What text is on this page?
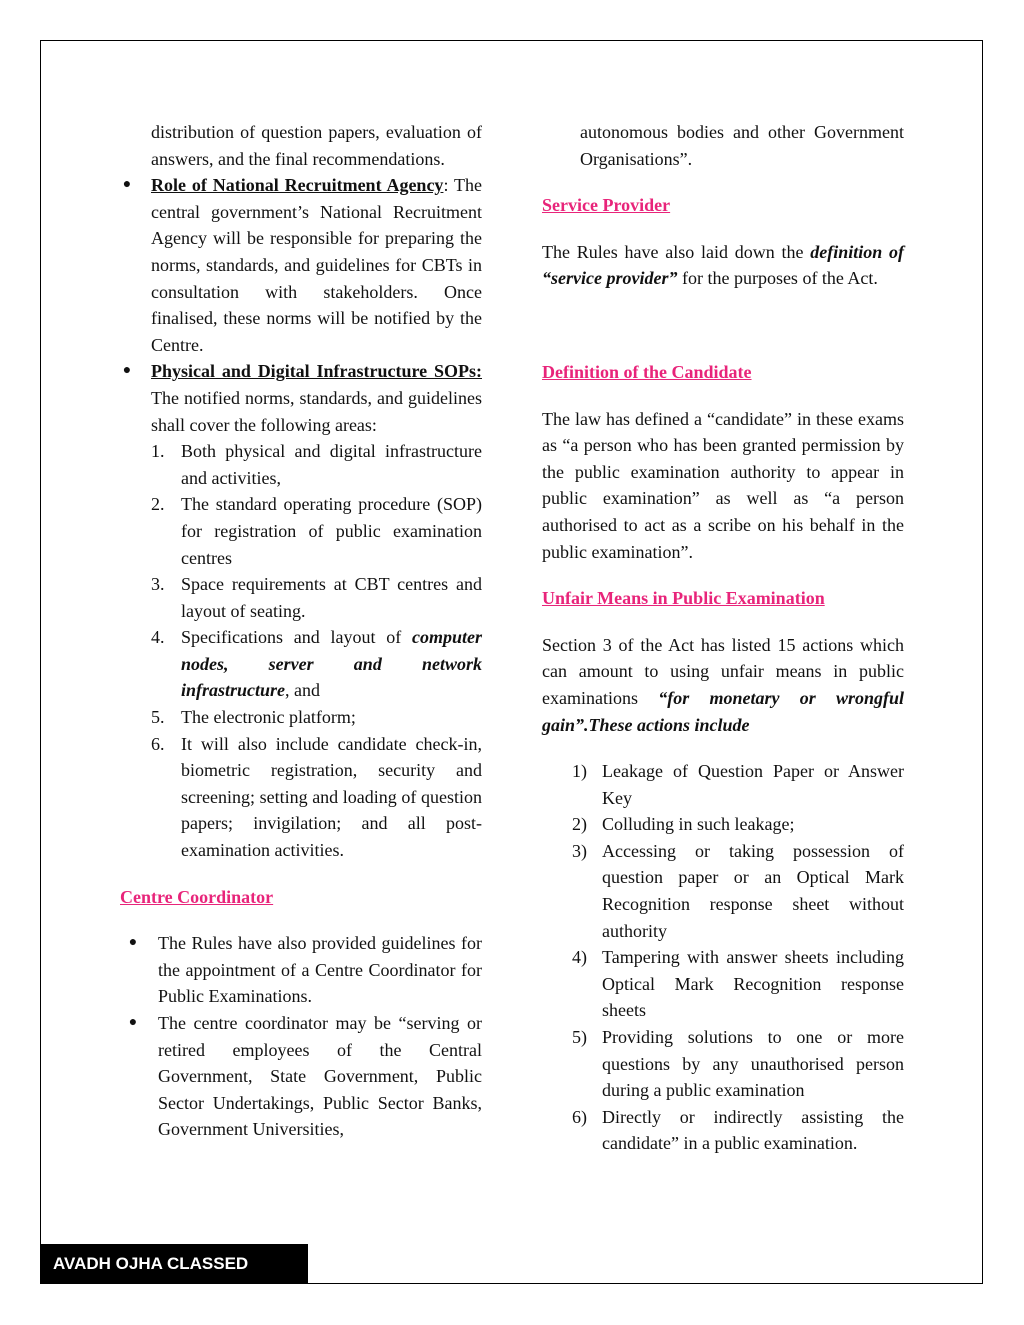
distribution of question papers, evaluation of answers, and the final recommendations.

● Role of National Recruitment Agency: The central government’s National Recruitment Agency will be responsible for preparing the norms, standards, and guidelines for CBTs in consultation with stakeholders. Once finalised, these norms will be notified by the Centre.
● Physical and Digital Infrastructure SOPs: The notified norms, standards, and guidelines shall cover the following areas:
1. Both physical and digital infrastructure and activities,
2. The standard operating procedure (SOP) for registration of public examination centres
3. Space requirements at CBT centres and layout of seating.
4. Specifications and layout of computer nodes, server and network infrastructure, and
5. The electronic platform;
6. It will also include candidate check-in, biometric registration, security and screening; setting and loading of question papers; invigilation; and all post-examination activities.

Centre Coordinator

● The Rules have also provided guidelines for the appointment of a Centre Coordinator for Public Examinations.
● The centre coordinator may be “serving or retired employees of the Central Government, State Government, Public Sector Undertakings, Public Sector Banks, Government Universities,

autonomous bodies and other Government Organisations”.

Service Provider

The Rules have also laid down the definition of “service provider” for the purposes of the Act.

Definition of the Candidate

The law has defined a “candidate” in these exams as “a person who has been granted permission by the public examination authority to appear in public examination” as well as “a person authorised to act as a scribe on his behalf in the public examination”.

Unfair Means in Public Examination

Section 3 of the Act has listed 15 actions which can amount to using unfair means in public examinations “for monetary or wrongful gain”.These actions include

1) Leakage of Question Paper or Answer Key
2) Colluding in such leakage;
3) Accessing or taking possession of question paper or an Optical Mark Recognition response sheet without authority
4) Tampering with answer sheets including Optical Mark Recognition response sheets
5) Providing solutions to one or more questions by any unauthorised person during a public examination
6) Directly or indirectly assisting the candidate” in a public examination.
AVADH OJHA CLASSED
